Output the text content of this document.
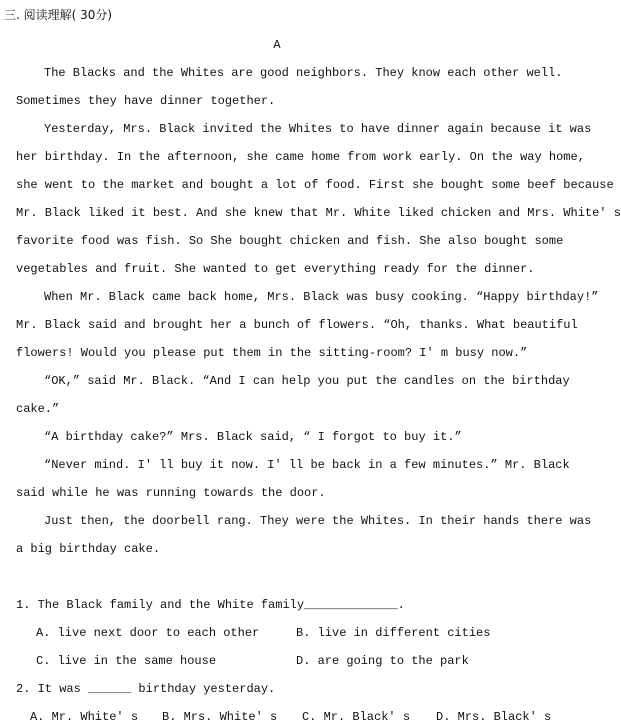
三. 阅读理解( 30分)
A
The Blacks and the Whites are good neighbors. They know each other well.
Sometimes they have dinner together.
Yesterday, Mrs. Black invited the Whites to have dinner again because it was
her birthday. In the afternoon, she came home from work early. On the way home,
she went to the market and bought a lot of food. First she bought some beef because
Mr. Black liked it best. And she knew that Mr. White liked chicken and Mrs. White' s
favorite food was fish. So She bought chicken and fish. She also bought some
vegetables and fruit. She wanted to get everything ready for the dinner.
When Mr. Black came back home, Mrs. Black was busy cooking. “Happy birthday!”
Mr. Black said and brought her a bunch of flowers. “Oh, thanks. What beautiful
flowers! Would you please put them in the sitting-room? I' m busy now.”
“OK,” said Mr. Black. “And I can help you put the candles on the birthday
cake.”
“A birthday cake?” Mrs. Black said, “ I forgot to buy it.”
“Never mind. I' ll buy it now. I' ll be back in a few minutes.” Mr. Black
said while he was running towards the door.
Just then, the doorbell rang. They were the Whites. In their hands there was
a big birthday cake.
1. The Black family and the White family_____________.
A. live next door to each other	B. live in different cities
C. live in the same house	D. are going to the park
2. It was ______ birthday yesterday.
A. Mr. White' s B. Mrs. White' s C. Mr. Black' s D. Mrs. Black' s
